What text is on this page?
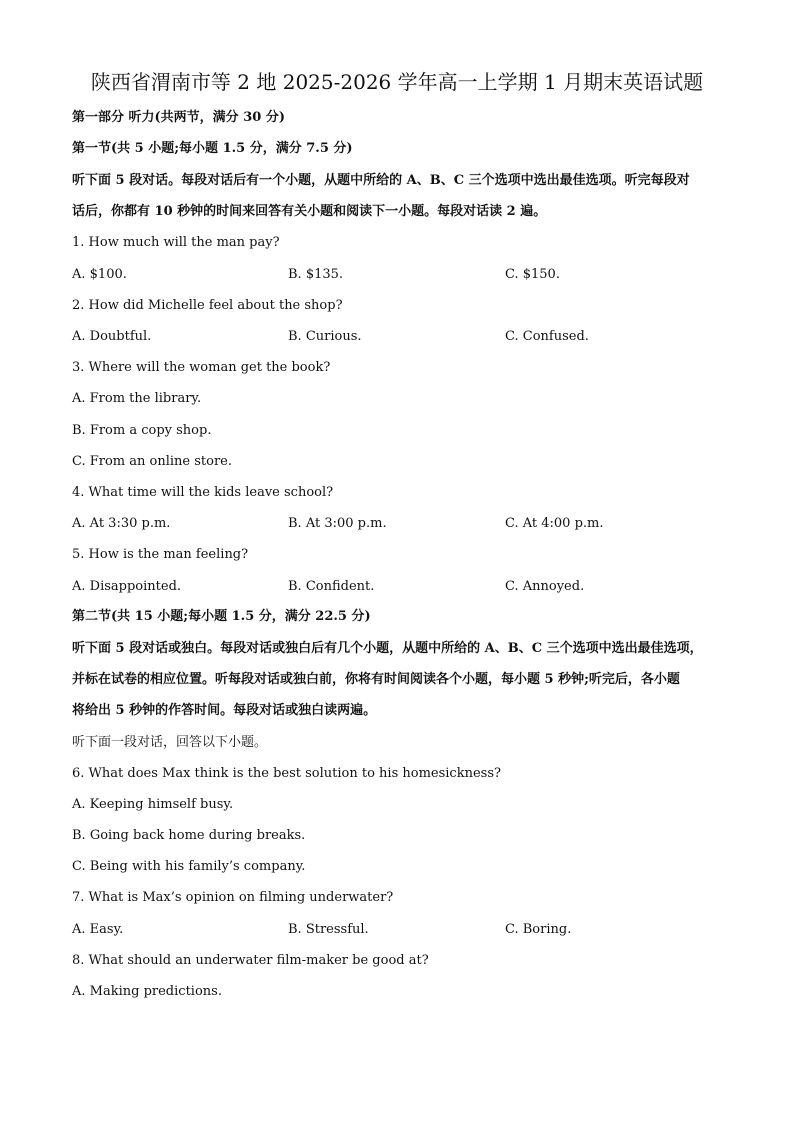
陕西省渭南市等 2 地 2025-2026 学年高一上学期 1 月期末英语试题
第一部分 听力(共两节，满分 30 分)
第一节(共 5 小题;每小题 1.5 分，满分 7.5 分)
听下面 5 段对话。每段对话后有一个小题，从题中所给的 A、B、C 三个选项中选出最佳选项。听完每段对
话后，你都有 10 秒钟的时间来回答有关小题和阅读下一小题。每段对话读 2 遍。
1. How much will the man pay?
A. $100.	B. $135.	C. $150.
2. How did Michelle feel about the shop?
A. Doubtful.	B. Curious.	C. Confused.
3. Where will the woman get the book?
A. From the library.
B. From a copy shop.
C. From an online store.
4. What time will the kids leave school?
A. At 3:30 p.m.	B. At 3:00 p.m.	C. At 4:00 p.m.
5. How is the man feeling?
A. Disappointed.	B. Confident.	C. Annoyed.
第二节(共 15 小题;每小题 1.5 分，满分 22.5 分)
听下面 5 段对话或独白。每段对话或独白后有几个小题，从题中所给的 A、B、C 三个选项中选出最佳选项，
并标在试卷的相应位置。听每段对话或独白前，你将有时间阅读各个小题，每小题 5 秒钟;听完后，各小题
将给出 5 秒钟的作答时间。每段对话或独白读两遍。
听下面一段对话，回答以下小题。
6. What does Max think is the best solution to his homesickness?
A. Keeping himself busy.
B. Going back home during breaks.
C. Being with his family’s company.
7. What is Max’s opinion on filming underwater?
A. Easy.	B. Stressful.	C. Boring.
8. What should an underwater film-maker be good at?
A. Making predictions.
